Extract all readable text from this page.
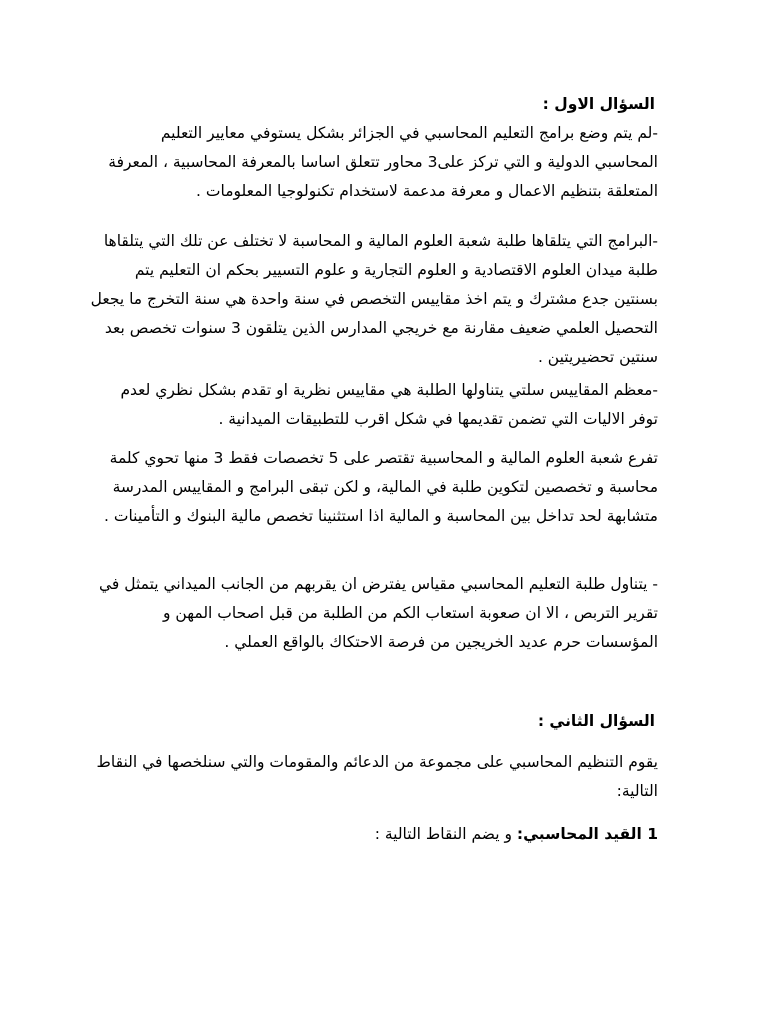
السؤال الاول :

-لم يتم وضع برامج التعليم المحاسبي في الجزائر بشكل يستوفي معايير التعليم المحاسبي الدولية و التي تركز على3 محاور تتعلق اساسا بالمعرفة المحاسبية ، المعرفة المتعلقة بتنظيم الاعمال و معرفة مدعمة لاستخدام تكنولوجيا المعلومات .

-البرامج التي يتلقاها طلبة شعبة العلوم المالية و المحاسبة لا تختلف عن تلك التي يتلقاها طلبة ميدان العلوم الاقتصادية و العلوم التجارية و علوم التسيير بحكم ان التعليم يتم بسنتين جدع مشترك و يتم اخذ مقاييس التخصص في سنة واحدة هي سنة التخرج ما يجعل التحصيل العلمي ضعيف مقارنة مع خريجي المدارس الذين يتلقون 3 سنوات تخصص بعد سنتين تحضيريتين .

-معظم المقاييس سلتي يتناولها الطلبة هي مقاييس نظرية او تقدم بشكل نظري لعدم توفر الاليات التي تضمن تقديمها في شكل اقرب للتطبيقات الميدانية .

تفرع شعبة العلوم المالية و المحاسبية تقتصر على 5 تخصصات فقط 3 منها تحوي كلمة محاسبة و تخصصين لتكوين طلبة في المالية، و لكن تبقى البرامج و المقاييس المدرسة متشابهة لحد تداخل بين المحاسبة و المالية اذا استثنينا تخصص مالية البنوك و التأمينات .

- يتناول طلبة التعليم المحاسبي مقياس يفترض ان يقربهم من الجانب الميداني يتمثل في تقرير التربص ، الا ان صعوبة استعاب الكم من الطلبة من قبل اصحاب المهن و المؤسسات حرم عديد الخريجين من فرصة الاحتكاك بالواقع العملي .

السؤال الثاني :

يقوم التنظيم المحاسبي على مجموعة من الدعائم والمقومات والتي سنلخصها في النقاط التالية:

1 القيد المحاسبي: و يضم النقاط التالية :
